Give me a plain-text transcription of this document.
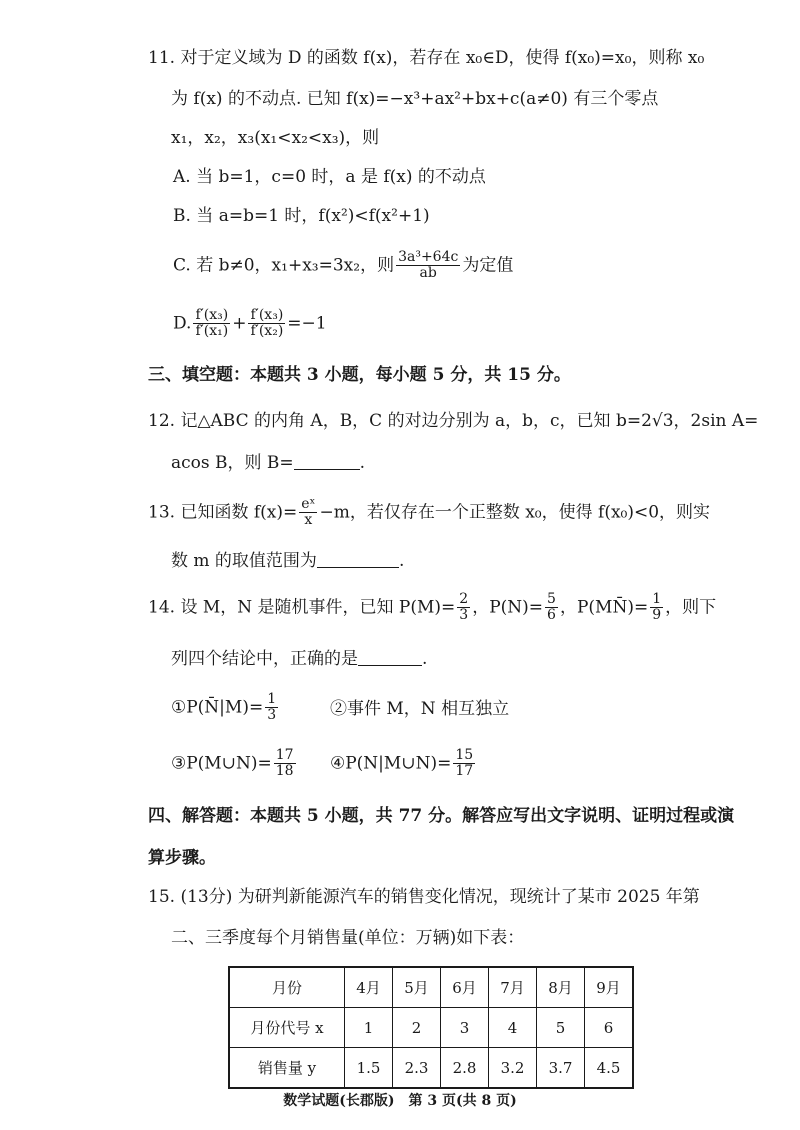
11. 对于定义域为 D 的函数 f(x)，若存在 x₀∈D，使得 f(x₀)=x₀，则称 x₀
为 f(x) 的不动点. 已知 f(x)=−x³+ax²+bx+c(a≠0) 有三个零点
x₁，x₂，x₃(x₁<x₂<x₃)，则
A. 当 b=1，c=0 时，a 是 f(x) 的不动点
B. 当 a=b=1 时，f(x²)<f(x²+1)
C. 若 b≠0，x₁+x₃=3x₂，则 $\frac{\text{3a³+64c}}{ab}$ 为定值
D. $\frac{\text{f′(x₃)}}{\text{f′(x₁)}} + \frac{\text{f′(x₃)}}{\text{f′(x₂)}} =-1$
三、填空题：本题共 3 小题，每小题 5 分，共 15 分。
12. 记△ABC 的内角 A，B，C 的对边分别为 a，b，c，已知 b=2√3，2sin A=
acos B，则 B=	.
13. 已知函数 $f(x)= \frac{\text{eˣ}}{x} -m$，若仅存在一个正整数 x₀，使得 f(x₀)<0，则实
数 m 的取值范围为	.
14. 设 M，N 是随机事件，已知 $P(M)= \frac{2}{3}$ ，$P(N)= \frac{5}{6}$ ，P(MN̄)= $\frac{1}{9}$ ，则下
列四个结论中，正确的是	.
①P(N̄|M)= $\frac{1}{3}$	②事件 M，N 相互独立
③P(M∪N)= $\frac{17}{18}$ ④P(N|M∪N)= $\frac{15}{17}$
四、解答题：本题共 5 小题，共 77 分。解答应写出文字说明、证明过程或演
算步骤。
15. (13分) 为研判新能源汽车的销售变化情况，现统计了某市 2025 年第
二、三季度每个月销售量(单位：万辆)如下表：
月份	4月	5月	6月	7月	8月	9月
月份代号 x	1	2	3	4	5	6
销售量 y	1.5	2.3	2.8	3.2	3.7	4.5
数学试题(长郡版)　第 3 页(共 8 页)
